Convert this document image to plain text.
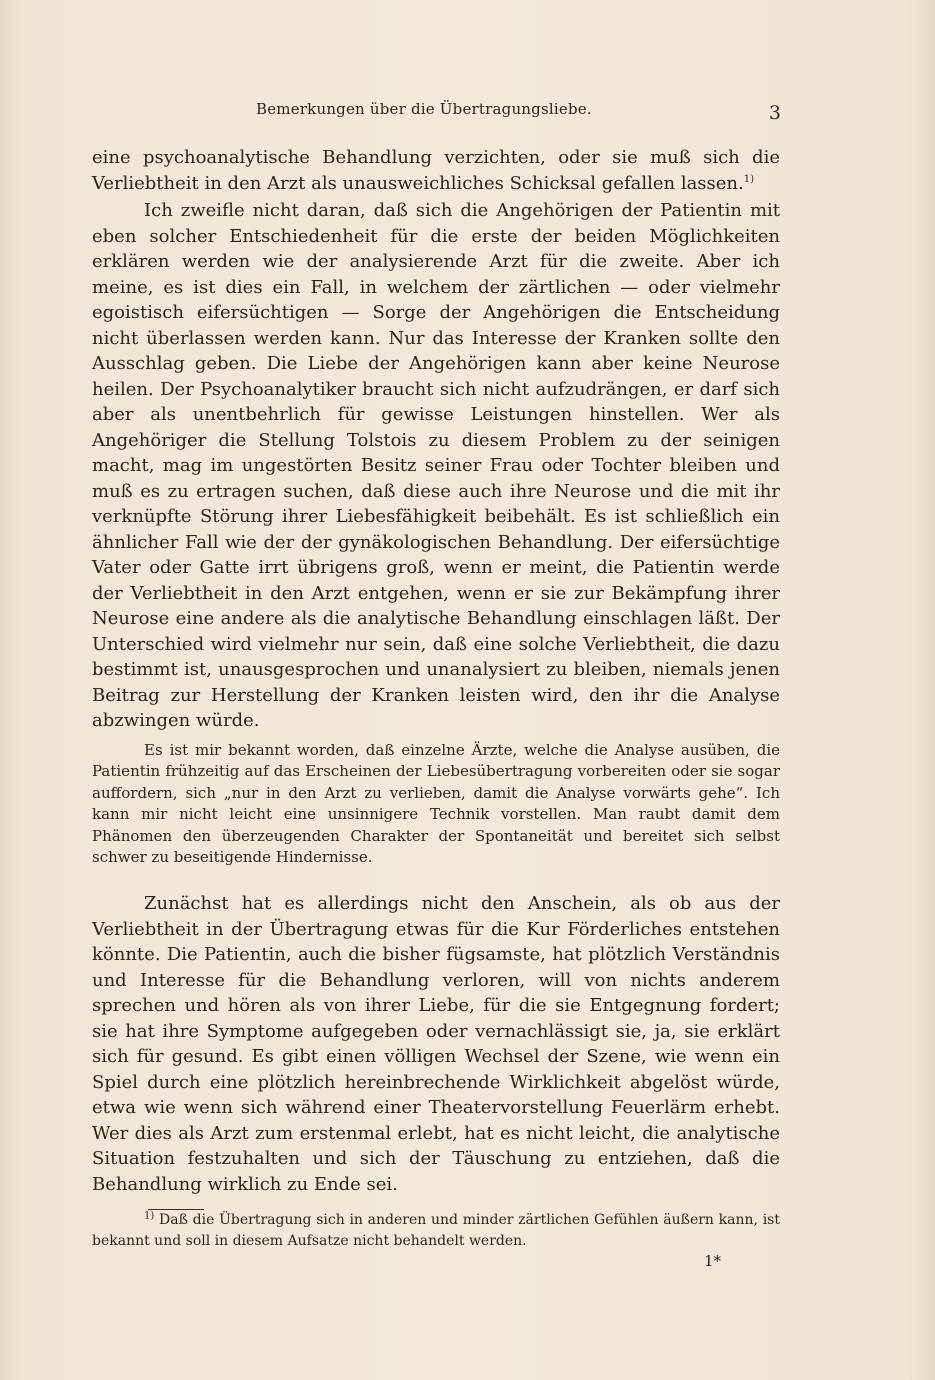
Bemerkungen über die Übertragungsliebe.	3

eine psychoanalytische Behandlung verzichten, oder sie muß sich die Verliebtheit in den Arzt als unausweichliches Schicksal gefallen lassen.$^{1)}$

Ich zweifle nicht daran, daß sich die Angehörigen der Patientin mit eben solcher Entschiedenheit für die erste der beiden Möglichkeiten erklären werden wie der analysierende Arzt für die zweite. Aber ich meine, es ist dies ein Fall, in welchem der zärtlichen — oder vielmehr egoistisch eifersüchtigen — Sorge der Angehörigen die Entscheidung nicht überlassen werden kann. Nur das Interesse der Kranken sollte den Ausschlag geben. Die Liebe der Angehörigen kann aber keine Neurose heilen. Der Psychoanalytiker braucht sich nicht aufzudrängen, er darf sich aber als unentbehrlich für gewisse Leistungen hinstellen. Wer als Angehöriger die Stellung Tolstois zu diesem Problem zu der seinigen macht, mag im ungestörten Besitz seiner Frau oder Tochter bleiben und muß es zu ertragen suchen, daß diese auch ihre Neurose und die mit ihr verknüpfte Störung ihrer Liebesfähigkeit beibehält. Es ist schließlich ein ähnlicher Fall wie der der gynäkologischen Behandlung. Der eifersüchtige Vater oder Gatte irrt übrigens groß, wenn er meint, die Patientin werde der Verliebtheit in den Arzt entgehen, wenn er sie zur Bekämpfung ihrer Neurose eine andere als die analytische Behandlung einschlagen läßt. Der Unterschied wird vielmehr nur sein, daß eine solche Verliebtheit, die dazu bestimmt ist, unausgesprochen und unanalysiert zu bleiben, niemals jenen Beitrag zur Herstellung der Kranken leisten wird, den ihr die Analyse abzwingen würde.

Es ist mir bekannt worden, daß einzelne Ärzte, welche die Analyse ausüben, die Patientin frühzeitig auf das Erscheinen der Liebesübertragung vorbereiten oder sie sogar auffordern, sich „nur in den Arzt zu verlieben, damit die Analyse vorwärts gehe“. Ich kann mir nicht leicht eine unsinnigere Technik vorstellen. Man raubt damit dem Phänomen den überzeugenden Charakter der Spontaneität und bereitet sich selbst schwer zu beseitigende Hindernisse.

Zunächst hat es allerdings nicht den Anschein, als ob aus der Verliebtheit in der Übertragung etwas für die Kur Förderliches entstehen könnte. Die Patientin, auch die bisher fügsamste, hat plötzlich Verständnis und Interesse für die Behandlung verloren, will von nichts anderem sprechen und hören als von ihrer Liebe, für die sie Entgegnung fordert; sie hat ihre Symptome aufgegeben oder vernachlässigt sie, ja, sie erklärt sich für gesund. Es gibt einen völligen Wechsel der Szene, wie wenn ein Spiel durch eine plötzlich hereinbrechende Wirklichkeit abgelöst würde, etwa wie wenn sich während einer Theatervorstellung Feuerlärm erhebt. Wer dies als Arzt zum erstenmal erlebt, hat es nicht leicht, die analytische Situation festzuhalten und sich der Täuschung zu entziehen, daß die Behandlung wirklich zu Ende sei.

$^{1)}$ Daß die Übertragung sich in anderen und minder zärtlichen Gefühlen äußern kann, ist bekannt und soll in diesem Aufsatze nicht behandelt werden.

1*
